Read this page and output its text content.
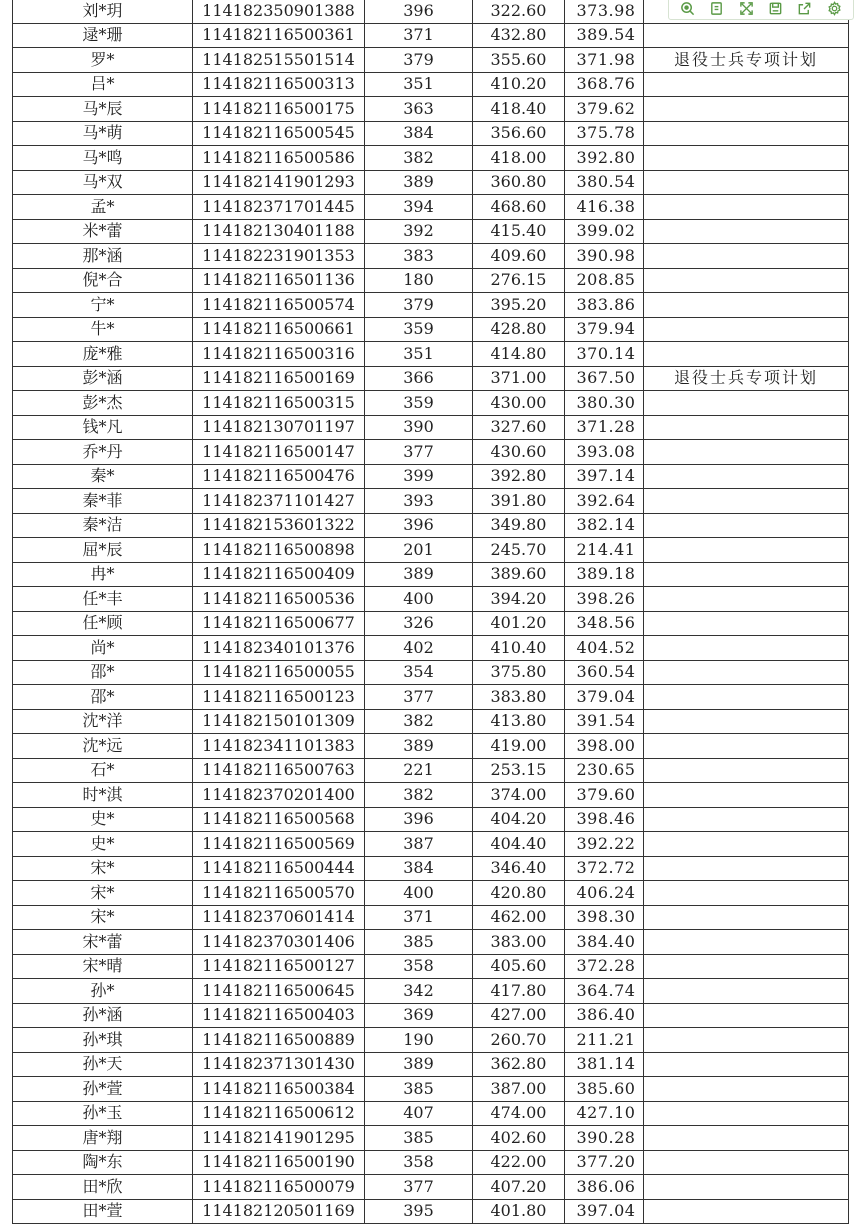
刘*玥	114182350901388	396	322.60	373.98	
逯*珊	114182116500361	371	432.80	389.54	
罗*	114182515501514	379	355.60	371.98	退役士兵专项计划
吕*	114182116500313	351	410.20	368.76	
马*辰	114182116500175	363	418.40	379.62	
马*萌	114182116500545	384	356.60	375.78	
马*鸣	114182116500586	382	418.00	392.80	
马*双	114182141901293	389	360.80	380.54	
孟*	114182371701445	394	468.60	416.38	
米*蕾	114182130401188	392	415.40	399.02	
那*涵	114182231901353	383	409.60	390.98	
倪*合	114182116501136	180	276.15	208.85	
宁*	114182116500574	379	395.20	383.86	
牛*	114182116500661	359	428.80	379.94	
庞*雅	114182116500316	351	414.80	370.14	
彭*涵	114182116500169	366	371.00	367.50	退役士兵专项计划
彭*杰	114182116500315	359	430.00	380.30	
钱*凡	114182130701197	390	327.60	371.28	
乔*丹	114182116500147	377	430.60	393.08	
秦*	114182116500476	399	392.80	397.14	
秦*菲	114182371101427	393	391.80	392.64	
秦*洁	114182153601322	396	349.80	382.14	
屈*辰	114182116500898	201	245.70	214.41	
冉*	114182116500409	389	389.60	389.18	
任*丰	114182116500536	400	394.20	398.26	
任*顾	114182116500677	326	401.20	348.56	
尚*	114182340101376	402	410.40	404.52	
邵*	114182116500055	354	375.80	360.54	
邵*	114182116500123	377	383.80	379.04	
沈*洋	114182150101309	382	413.80	391.54	
沈*远	114182341101383	389	419.00	398.00	
石*	114182116500763	221	253.15	230.65	
时*淇	114182370201400	382	374.00	379.60	
史*	114182116500568	396	404.20	398.46	
史*	114182116500569	387	404.40	392.22	
宋*	114182116500444	384	346.40	372.72	
宋*	114182116500570	400	420.80	406.24	
宋*	114182370601414	371	462.00	398.30	
宋*蕾	114182370301406	385	383.00	384.40	
宋*晴	114182116500127	358	405.60	372.28	
孙*	114182116500645	342	417.80	364.74	
孙*涵	114182116500403	369	427.00	386.40	
孙*琪	114182116500889	190	260.70	211.21	
孙*天	114182371301430	389	362.80	381.14	
孙*萱	114182116500384	385	387.00	385.60	
孙*玉	114182116500612	407	474.00	427.10	
唐*翔	114182141901295	385	402.60	390.28	
陶*东	114182116500190	358	422.00	377.20	
田*欣	114182116500079	377	407.20	386.06	
田*萱	114182120501169	395	401.80	397.04	
